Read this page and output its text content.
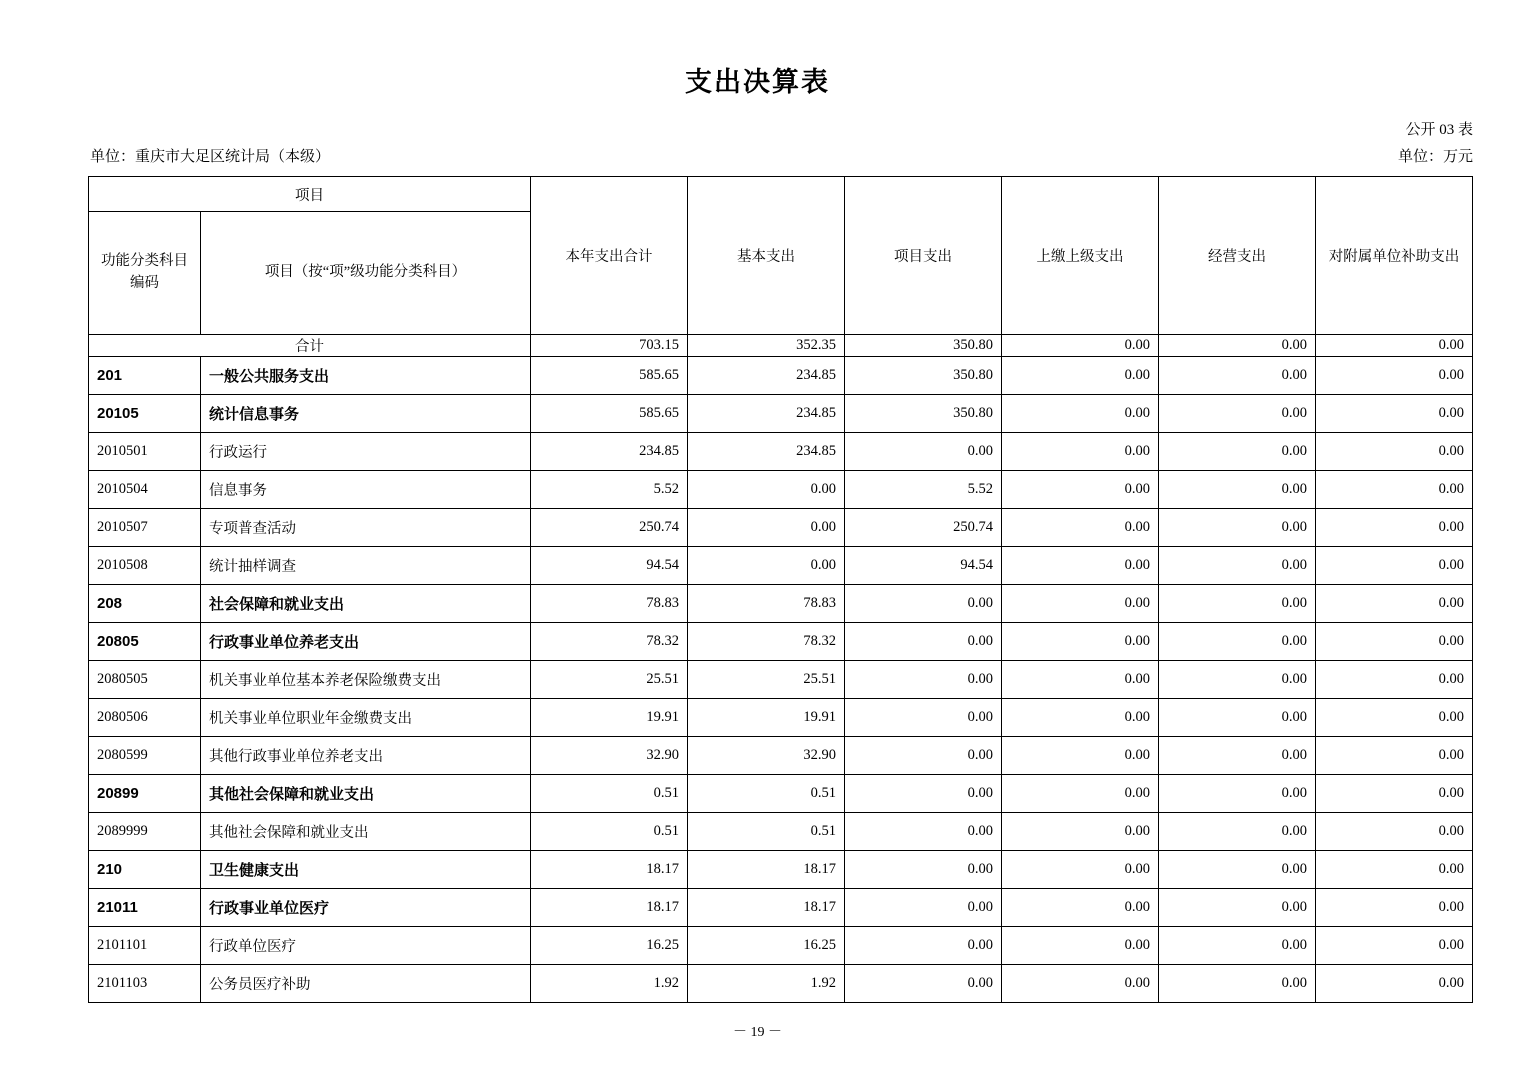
支出决算表
公开 03 表
单位：重庆市大足区统计局（本级）	单位：万元
项目		本年支出合计	基本支出	项目支出	上缴上级支出	经营支出	对附属单位补助支出

功能分类科目
编码	项目（按“项”级功能分类科目）						
合计		703.15	352.35	350.80	0.00	0.00	0.00
201	一般公共服务支出	585.65	234.85	350.80	0.00	0.00	0.00
20105	统计信息事务	585.65	234.85	350.80	0.00	0.00	0.00
2010501	行政运行	234.85	234.85	0.00	0.00	0.00	0.00
2010504	信息事务	5.52	0.00	5.52	0.00	0.00	0.00
2010507	专项普查活动	250.74	0.00	250.74	0.00	0.00	0.00
2010508	统计抽样调查	94.54	0.00	94.54	0.00	0.00	0.00
208	社会保障和就业支出	78.83	78.83	0.00	0.00	0.00	0.00
20805	行政事业单位养老支出	78.32	78.32	0.00	0.00	0.00	0.00
2080505	机关事业单位基本养老保险缴费支出	25.51	25.51	0.00	0.00	0.00	0.00
2080506	机关事业单位职业年金缴费支出	19.91	19.91	0.00	0.00	0.00	0.00
2080599	其他行政事业单位养老支出	32.90	32.90	0.00	0.00	0.00	0.00
20899	其他社会保障和就业支出	0.51	0.51	0.00	0.00	0.00	0.00
2089999	其他社会保障和就业支出	0.51	0.51	0.00	0.00	0.00	0.00
210	卫生健康支出	18.17	18.17	0.00	0.00	0.00	0.00
21011	行政事业单位医疗	18.17	18.17	0.00	0.00	0.00	0.00
2101101	行政单位医疗	16.25	16.25	0.00	0.00	0.00	0.00
2101103	公务员医疗补助	1.92	1.92	0.00	0.00	0.00	0.00
－ 19 －
